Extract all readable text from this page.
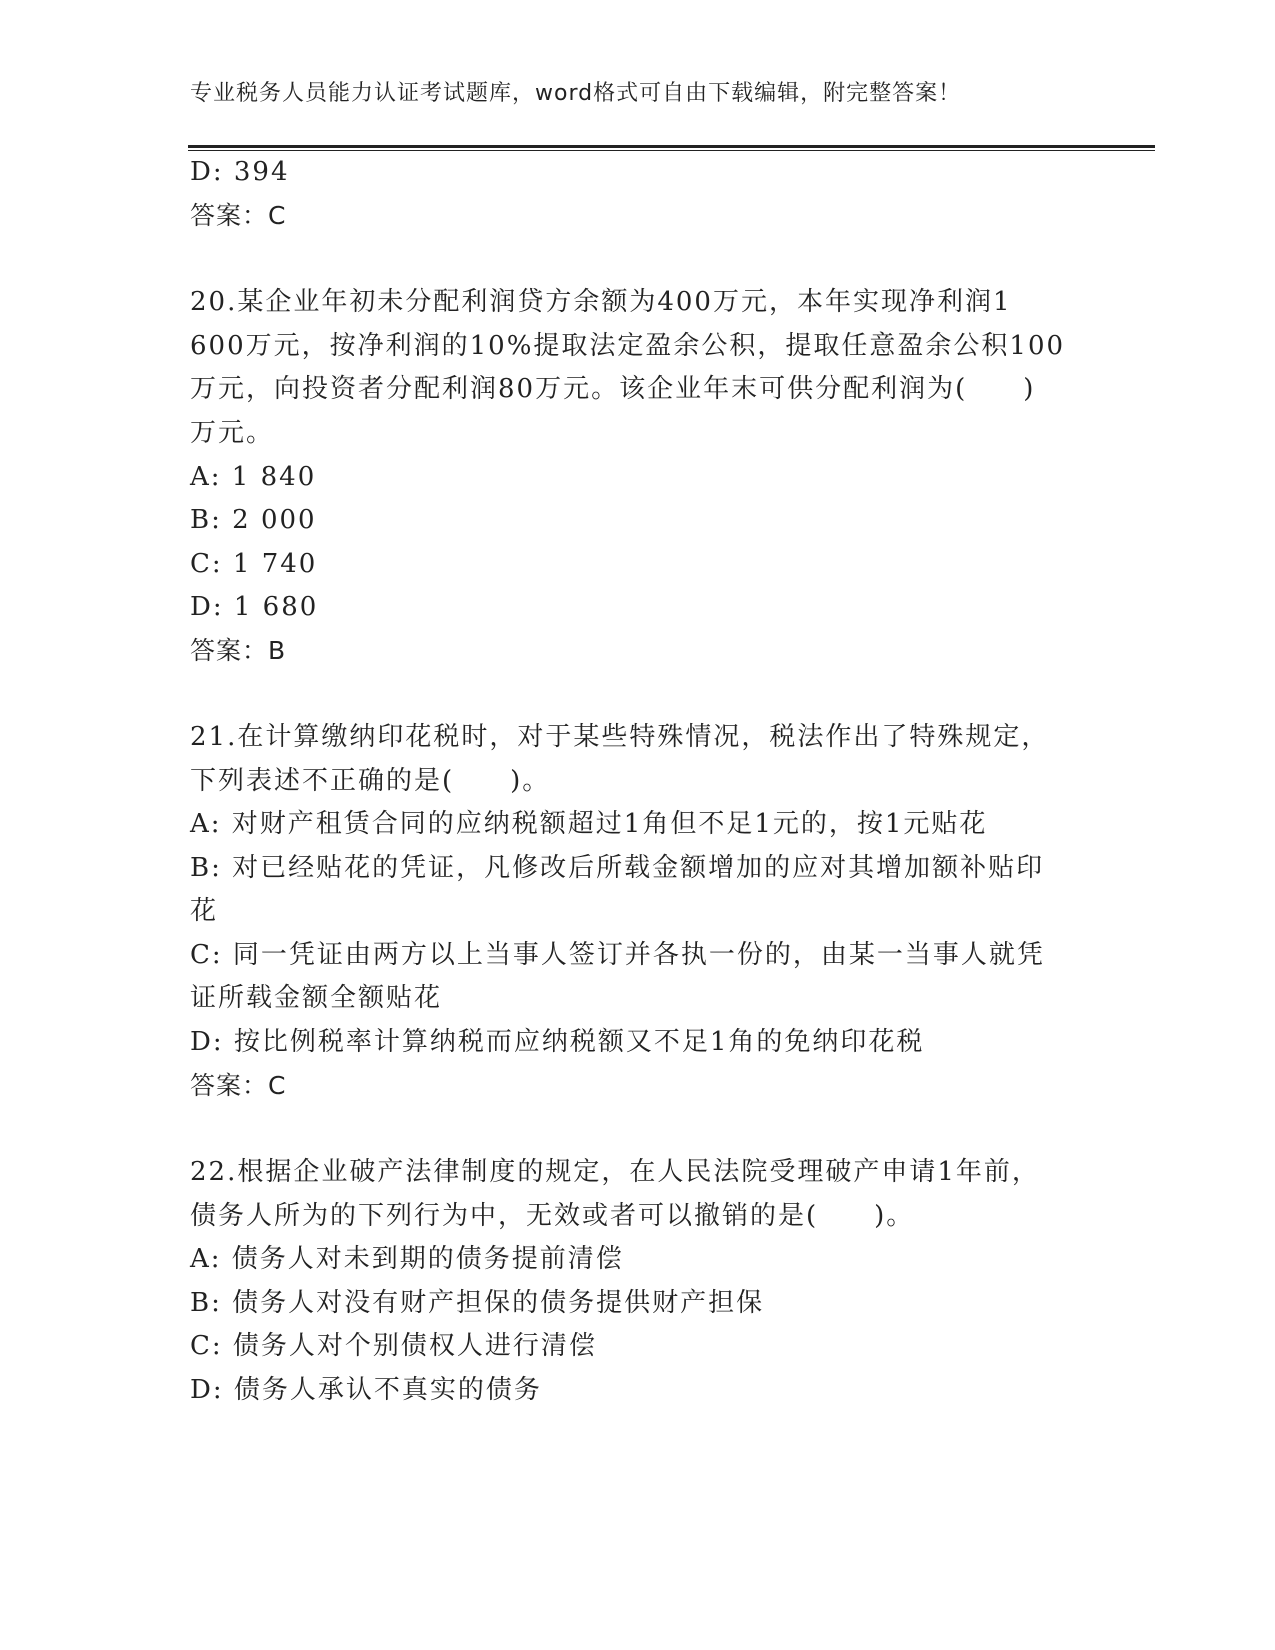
专业税务人员能力认证考试题库，word格式可自由下载编辑，附完整答案！
D: 394
答案：C
20.某企业年初未分配利润贷方余额为400万元，本年实现净利润1
600万元，按净利润的10%提取法定盈余公积，提取任意盈余公积100
万元，向投资者分配利润80万元。该企业年末可供分配利润为(　　)
万元。
A: 1 840
B: 2 000
C: 1 740
D: 1 680
答案：B
21.在计算缴纳印花税时，对于某些特殊情况，税法作出了特殊规定，
下列表述不正确的是(　　)。
A: 对财产租赁合同的应纳税额超过1角但不足1元的，按1元贴花
B: 对已经贴花的凭证，凡修改后所载金额增加的应对其增加额补贴印
花
C: 同一凭证由两方以上当事人签订并各执一份的，由某一当事人就凭
证所载金额全额贴花
D: 按比例税率计算纳税而应纳税额又不足1角的免纳印花税
答案：C
22.根据企业破产法律制度的规定，在人民法院受理破产申请1年前，
债务人所为的下列行为中，无效或者可以撤销的是(　　)。
A: 债务人对未到期的债务提前清偿
B: 债务人对没有财产担保的债务提供财产担保
C: 债务人对个别债权人进行清偿
D: 债务人承认不真实的债务
